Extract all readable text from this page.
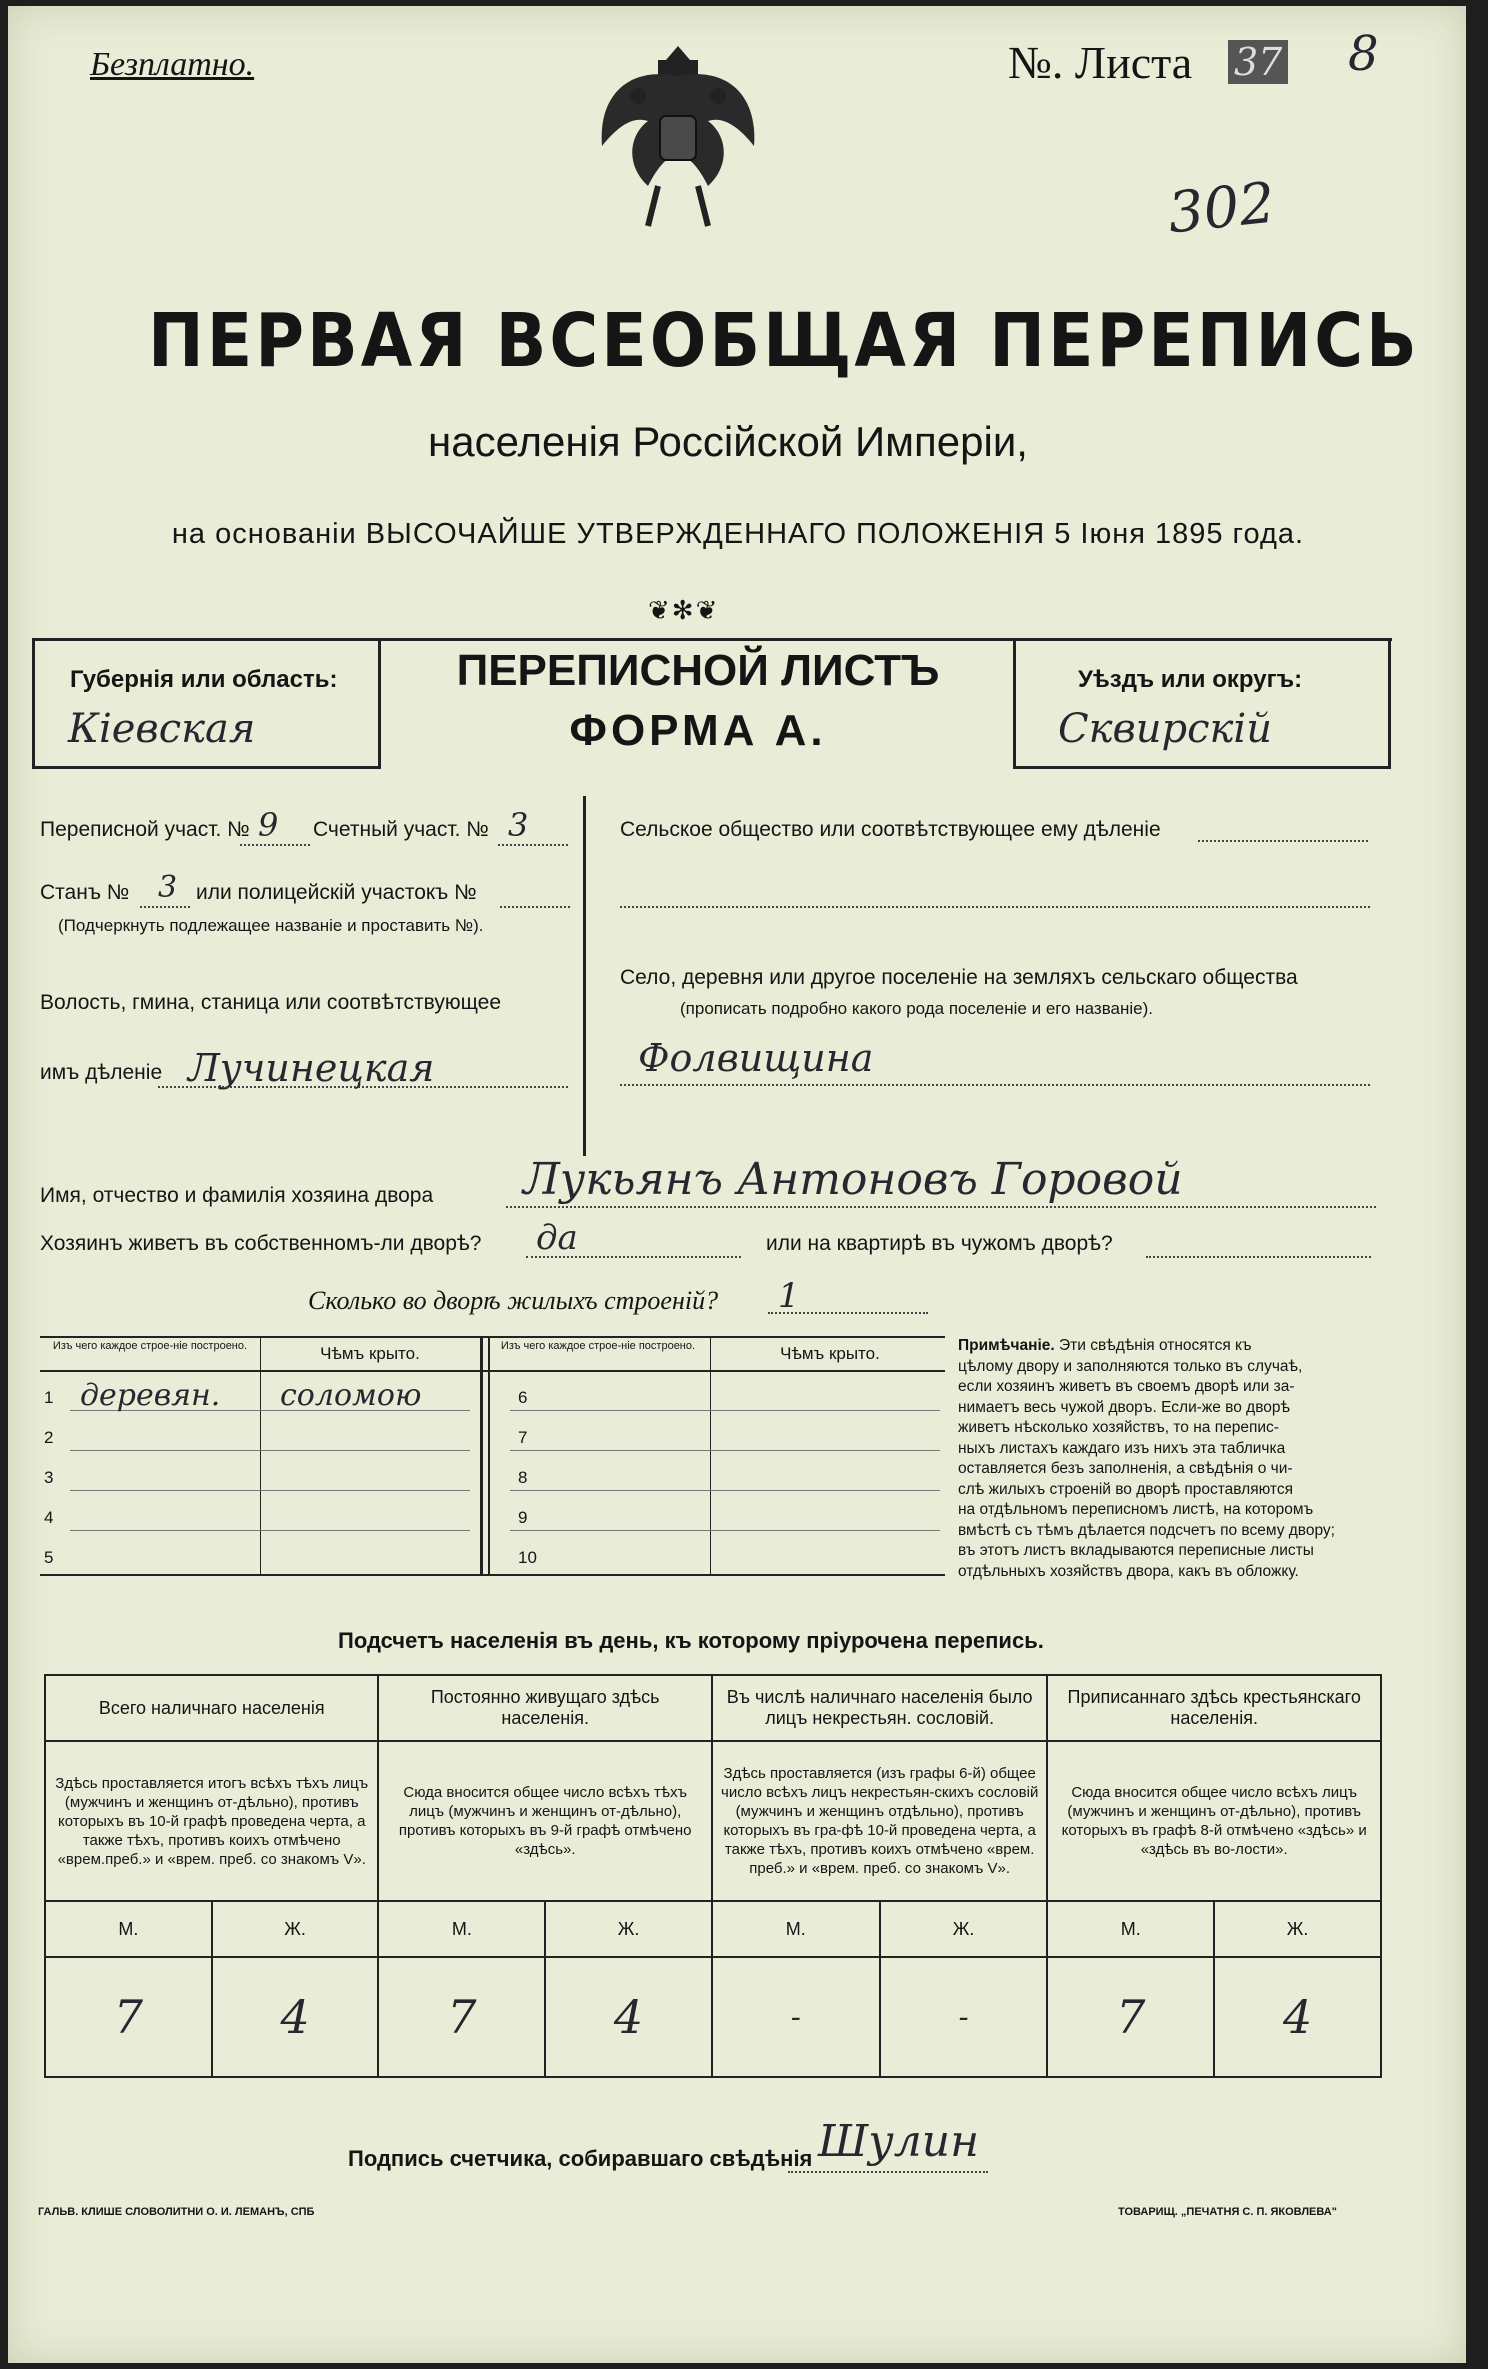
Безплатно.	№. Листа 37 8
302
ПЕРВАЯ ВСЕОБЩАЯ ПЕРЕПИСЬ
населенія Россійской Имперіи,
на основаніи ВЫСОЧАЙШЕ УТВЕРЖДЕННАГО ПОЛОЖЕНІЯ 5 Іюня 1895 года.
❦✻❦
Губернія или область:
Кіевская
ПЕРЕПИСНОЙ ЛИСТЪ
ФОРМА А.
Уѣздъ или округъ:
Сквирскій
Переписной участ. № 9 Счетный участ. № 3
Станъ № 3 или полицейскій участокъ №
(Подчеркнуть подлежащее названіе и проставить №).
Волость, гмина, станица или соотвѣтствующее
имъ дѣленіе Лучинецкая
Сельское общество или соотвѣтствующее ему дѣленіе
Село, деревня или другое поселеніе на земляхъ сельскаго общества
(прописать подробно какого рода поселеніе и его названіе).
Фолвищина
Имя, отчество и фамилія хозяина двора Лукьянъ Антоновъ Горовой
Хозяинъ живетъ въ собственномъ-ли дворѣ? да	или на квартирѣ въ чужомъ дворѣ?
Сколько во дворѣ жилыхъ строеній? 1
Изъ чего каждое строе-ніе построено.	Чѣмъ крыто.	Изъ чего каждое строе-ніе построено.	Чѣмъ крыто.
1 деревян. соломою
2
3
4
5
6
7
8
9
10
Примѣчаніе. Эти свѣдѣнія относятся къ
цѣлому двору и заполняются только въ случаѣ,
если хозяинъ живетъ въ своемъ дворѣ или за-
нимаетъ весь чужой дворъ. Если-же во дворѣ
живетъ нѣсколько хозяйствъ, то на перепис-
ныхъ листахъ каждаго изъ нихъ эта табличка
оставляется безъ заполненія, а свѣдѣнія о чи-
слѣ жилыхъ строеній во дворѣ проставляются
на отдѣльномъ переписномъ листѣ, на которомъ
вмѣстѣ съ тѣмъ дѣлается подсчетъ по всему двору;
въ этотъ листъ вкладываются переписные листы
отдѣльныхъ хозяйствъ двора, какъ въ обложку.
Подсчетъ населенія въ день, къ которому пріурочена перепись.
Всего наличнаго населенія		Постоянно живущаго здѣсь населенія.		Въ числѣ наличнаго населенія было лицъ некрестьян. сословій.		Приписаннаго здѣсь крестьянскаго населенія.	
Здѣсь проставляется итогъ всѣхъ тѣхъ лицъ (мужчинъ и женщинъ от-дѣльно), противъ которыхъ въ 10-й графѣ проведена черта, а также тѣхъ, противъ коихъ отмѣчено «врем.преб.» и «врем. преб. со знакомъ V».		Сюда вносится общее число всѣхъ тѣхъ лицъ (мужчинъ и женщинъ от-дѣльно), противъ которыхъ въ 9-й графѣ отмѣчено «здѣсь».		Здѣсь проставляется (изъ графы 6-й) общее число всѣхъ лицъ некрестьян-скихъ сословій (мужчинъ и женщинъ отдѣльно), противъ которыхъ въ гра-фѣ 10-й проведена черта, а также тѣхъ, противъ коихъ отмѣчено «врем. преб.» и «врем. преб. со знакомъ V».		Сюда вносится общее число всѣхъ лицъ (мужчинъ и женщинъ от-дѣльно), противъ которыхъ въ графѣ 8-й отмѣчено «здѣсь» и «здѣсь въ во-лости».	
М.	Ж.	М.	Ж.	М.	Ж.	М.	Ж.
7	4	7	4	-	-	7	4
Подпись счетчика, собиравшаго свѣдѣнія Шулин
ГАЛЬВ. КЛИШЕ СЛОВОЛИТНИ О. И. ЛЕМАНЪ, СПБ	ТОВАРИЩ. „ПЕЧАТНЯ С. П. ЯКОВЛЕВА"
